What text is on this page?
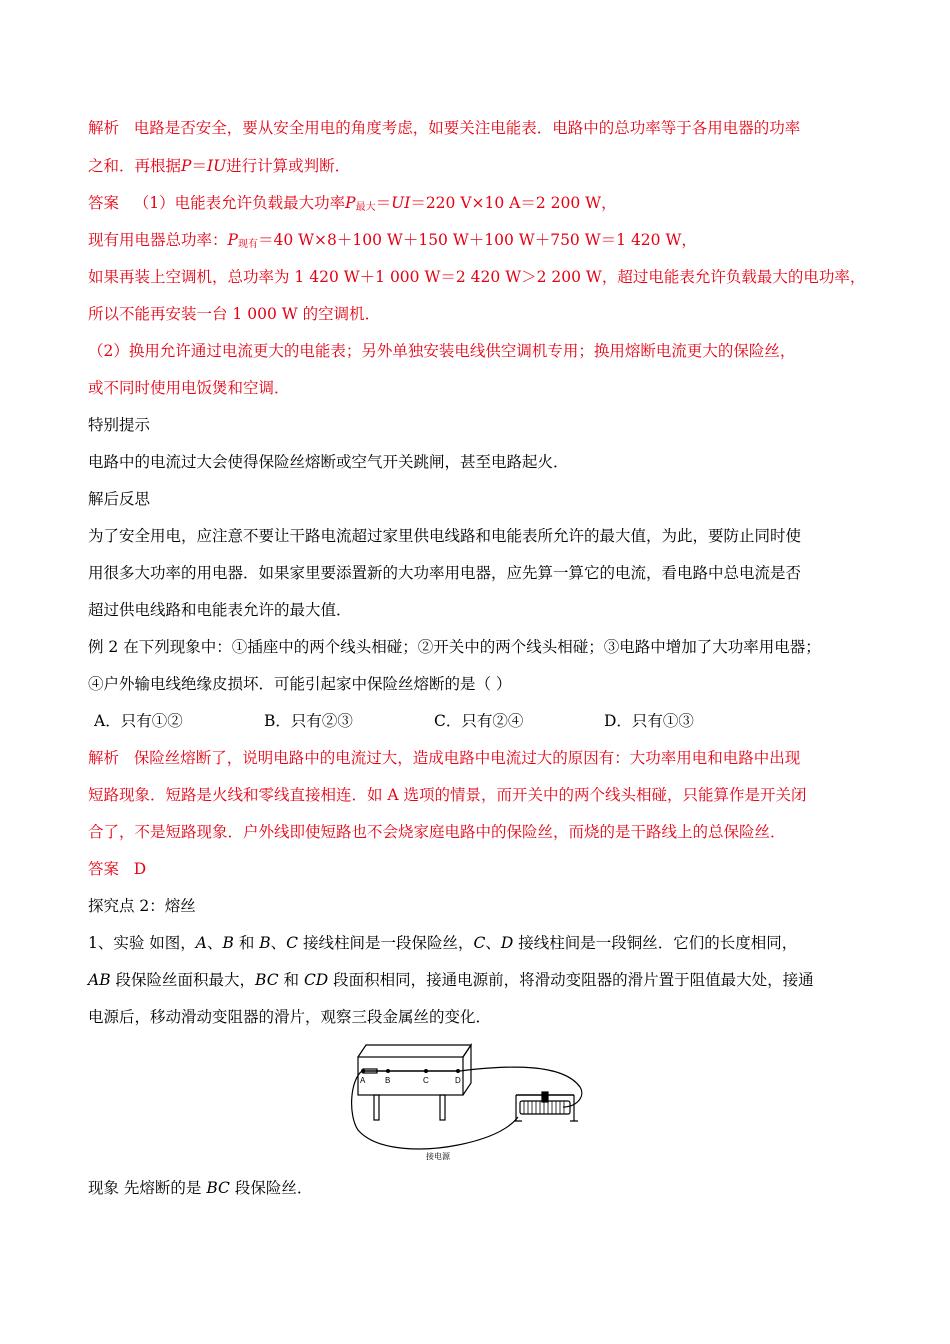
解析 电路是否安全，要从安全用电的角度考虑，如要关注电能表．电路中的总功率等于各用电器的功率
之和．再根据P＝IU进行计算或判断．
答案 （1）电能表允许负载最大功率$P_{最大}=UI=220$ V×10 A＝2 200 W，
现有用电器总功率：$P_{现有}=40$ W×8＋100 W＋150 W＋100 W＋750 W＝1 420 W，
如果再装上空调机，总功率为 1 420 W＋1 000 W＝2 420 W＞2 200 W，超过电能表允许负载最大的电功率，
所以不能再安装一台 1 000 W 的空调机．
（2）换用允许通过电流更大的电能表；另外单独安装电线供空调机专用；换用熔断电流更大的保险丝，
或不同时使用电饭煲和空调．
特别提示
电路中的电流过大会使得保险丝熔断或空气开关跳闸，甚至电路起火．
解后反思
为了安全用电，应注意不要让干路电流超过家里供电线路和电能表所允许的最大值，为此，要防止同时使
用很多大功率的用电器．如果家里要添置新的大功率用电器，应先算一算它的电流，看电路中总电流是否
超过供电线路和电能表允许的最大值．
例 2 在下列现象中：①插座中的两个线头相碰；②开关中的两个线头相碰；③电路中增加了大功率用电器；
④户外输电线绝缘皮损坏．可能引起家中保险丝熔断的是（ ）
A．只有①②	B．只有②③	C．只有②④	D．只有①③
解析 保险丝熔断了，说明电路中的电流过大，造成电路中电流过大的原因有：大功率用电和电路中出现
短路现象．短路是火线和零线直接相连．如 A 选项的情景，而开关中的两个线头相碰，只能算作是开关闭
合了，不是短路现象．户外线即使短路也不会烧家庭电路中的保险丝，而烧的是干路线上的总保险丝．
答案 D
探究点 2：熔丝
1、实验 如图，A、B 和 B、C 接线柱间是一段保险丝，C、D 接线柱间是一段铜丝．它们的长度相同，
AB 段保险丝面积最大，BC 和 CD 段面积相同，接通电源前，将滑动变阻器的滑片置于阻值最大处，接通
电源后，移动滑动变阻器的滑片，观察三段金属丝的变化．
A B	C	D
接电源
现象 先熔断的是 BC 段保险丝．
